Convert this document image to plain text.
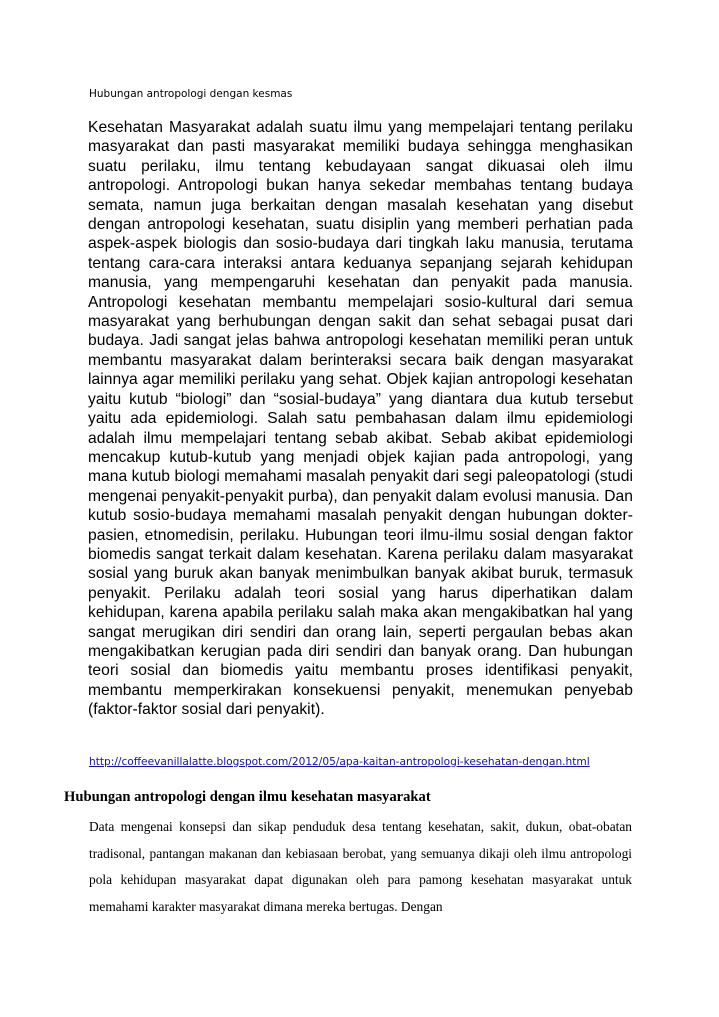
Hubungan antropologi dengan kesmas

Kesehatan Masyarakat adalah suatu ilmu yang mempelajari tentang perilaku masyarakat dan pasti masyarakat memiliki budaya sehingga menghasikan suatu perilaku, ilmu tentang kebudayaan sangat dikuasai oleh ilmu antropologi. Antropologi bukan hanya sekedar membahas tentang budaya semata, namun juga berkaitan dengan masalah kesehatan yang disebut dengan antropologi kesehatan, suatu disiplin yang memberi perhatian pada aspek-aspek biologis dan sosio-budaya dari tingkah laku manusia, terutama tentang cara-cara interaksi antara keduanya sepanjang sejarah kehidupan manusia, yang mempengaruhi kesehatan dan penyakit pada manusia. Antropologi kesehatan membantu mempelajari sosio-kultural dari semua masyarakat yang berhubungan dengan sakit dan sehat sebagai pusat dari budaya. Jadi sangat jelas bahwa antropologi kesehatan memiliki peran untuk membantu masyarakat dalam berinteraksi secara baik dengan masyarakat lainnya agar memiliki perilaku yang sehat. Objek kajian antropologi kesehatan yaitu kutub “biologi” dan “sosial-budaya” yang diantara dua kutub tersebut yaitu ada epidemiologi. Salah satu pembahasan dalam ilmu epidemiologi adalah ilmu mempelajari tentang sebab akibat. Sebab akibat epidemiologi mencakup kutub-kutub yang menjadi objek kajian pada antropologi, yang mana kutub biologi memahami masalah penyakit dari segi paleopatologi (studi mengenai penyakit-penyakit purba), dan penyakit dalam evolusi manusia. Dan kutub sosio-budaya memahami masalah penyakit dengan hubungan dokter-pasien, etnomedisin, perilaku. Hubungan teori ilmu-ilmu sosial dengan faktor biomedis sangat terkait dalam kesehatan. Karena perilaku dalam masyarakat sosial yang buruk akan banyak menimbulkan banyak akibat buruk, termasuk penyakit. Perilaku adalah teori sosial yang harus diperhatikan dalam kehidupan, karena apabila perilaku salah maka akan mengakibatkan hal yang sangat merugikan diri sendiri dan orang lain, seperti pergaulan bebas akan mengakibatkan kerugian pada diri sendiri dan banyak orang. Dan hubungan teori sosial dan biomedis yaitu membantu proses identifikasi penyakit, membantu memperkirakan konsekuensi penyakit, menemukan penyebab (faktor-faktor sosial dari penyakit).

http://coffeevanillalatte.blogspot.com/2012/05/apa-kaitan-antropologi-kesehatan-dengan.html
Hubungan antropologi dengan ilmu kesehatan masyarakat

Data mengenai konsepsi dan sikap penduduk desa tentang kesehatan, sakit, dukun, obat-obatan tradisonal, pantangan makanan dan kebiasaan berobat, yang semuanya dikaji oleh ilmu antropologi pola kehidupan masyarakat dapat digunakan oleh para pamong kesehatan masyarakat untuk memahami karakter masyarakat dimana mereka bertugas. Dengan
